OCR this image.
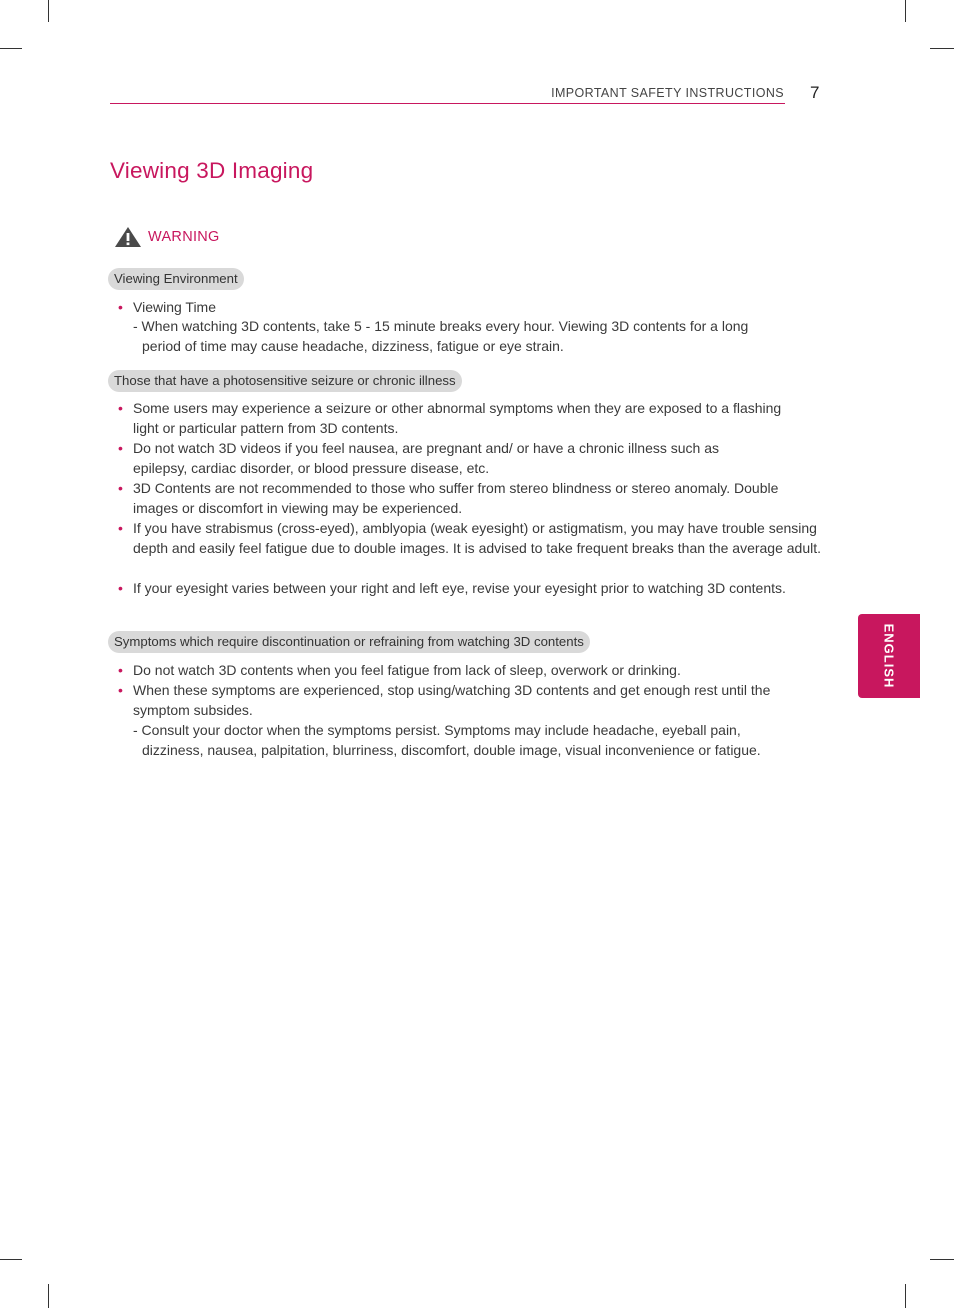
IMPORTANT SAFETY INSTRUCTIONS 7
Viewing 3D Imaging
WARNING
Viewing Environment
• Viewing Time
- When watching 3D contents, take 5 - 15 minute breaks every hour. Viewing 3D contents for a long
period of time may cause headache, dizziness, fatigue or eye strain.
Those that have a photosensitive seizure or chronic illness
• Some users may experience a seizure or other abnormal symptoms when they are exposed to a flashing light or particular pattern from 3D contents.
• Do not watch 3D videos if you feel nausea, are pregnant and/ or have a chronic illness such as epilepsy, cardiac disorder, or blood pressure disease, etc.
• 3D Contents are not recommended to those who suffer from stereo blindness or stereo anomaly. Double images or discomfort in viewing may be experienced.
• If you have strabismus (cross-eyed), amblyopia (weak eyesight) or astigmatism, you may have trouble sensing depth and easily feel fatigue due to double images. It is advised to take frequent breaks than the average adult.
• If your eyesight varies between your right and left eye, revise your eyesight prior to watching 3D contents.
Symptoms which require discontinuation or refraining from watching 3D contents
• Do not watch 3D contents when you feel fatigue from lack of sleep, overwork or drinking.
• When these symptoms are experienced, stop using/watching 3D contents and get enough rest until the symptom subsides.
- Consult your doctor when the symptoms persist. Symptoms may include headache, eyeball pain,
dizziness, nausea, palpitation, blurriness, discomfort, double image, visual inconvenience or fatigue.
ENGLISH
